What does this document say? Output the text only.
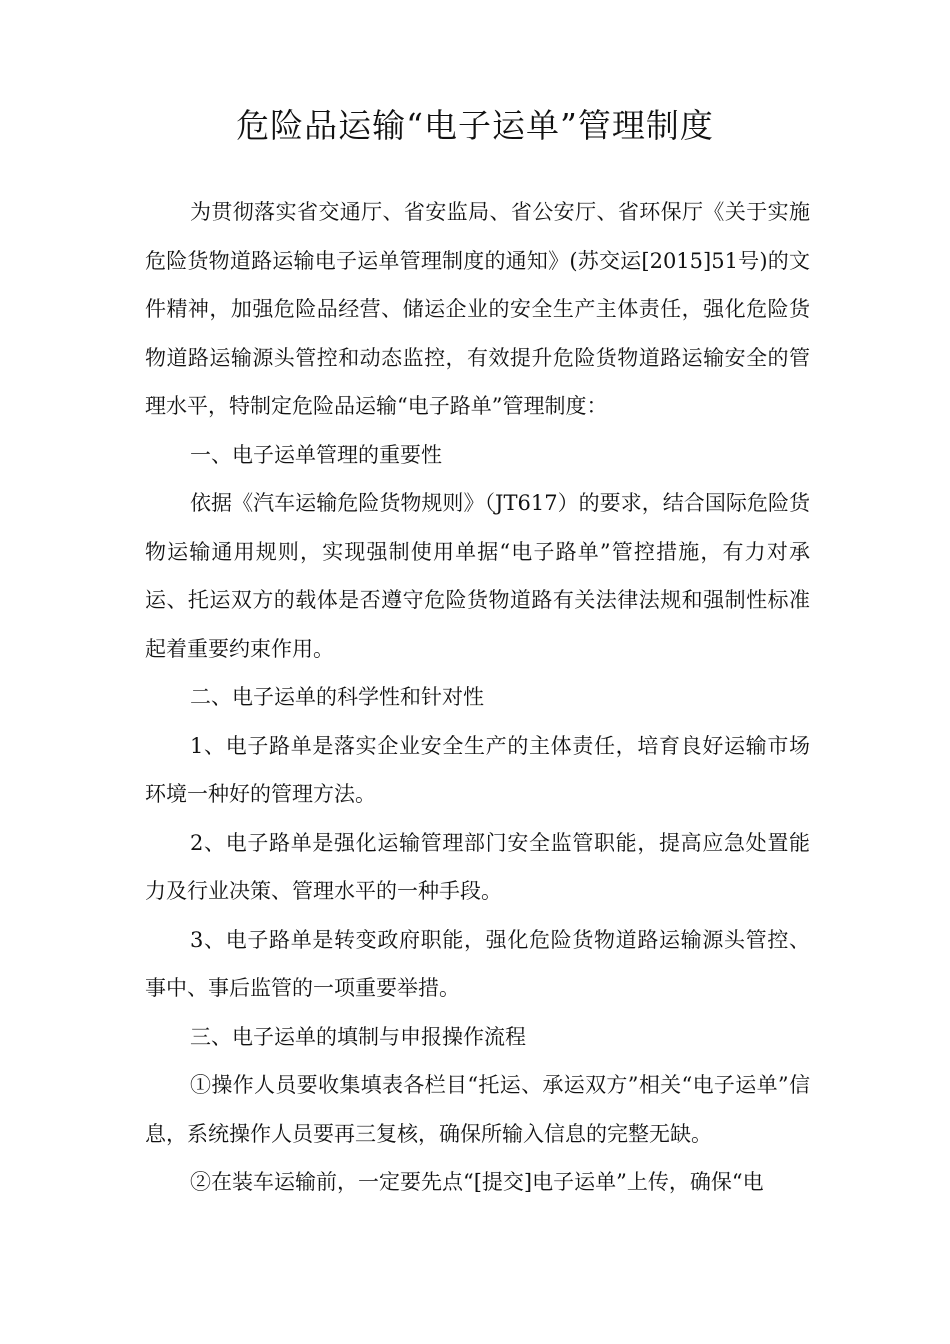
危险品运输“电子运单”管理制度

为贯彻落实省交通厅、省安监局、省公安厅、省环保厅《关于实施危险货物道路运输电子运单管理制度的通知》(苏交运[2015]51号)的文件精神，加强危险品经营、储运企业的安全生产主体责任，强化危险货物道路运输源头管控和动态监控，有效提升危险货物道路运输安全的管理水平，特制定危险品运输“电子路单”管理制度：

一、电子运单管理的重要性

依据《汽车运输危险货物规则》（JT617）的要求，结合国际危险货物运输通用规则，实现强制使用单据“电子路单”管控措施，有力对承运、托运双方的载体是否遵守危险货物道路有关法律法规和强制性标准起着重要约束作用。

二、电子运单的科学性和针对性

1、电子路单是落实企业安全生产的主体责任，培育良好运输市场环境一种好的管理方法。

2、电子路单是强化运输管理部门安全监管职能，提高应急处置能力及行业决策、管理水平的一种手段。

3、电子路单是转变政府职能，强化危险货物道路运输源头管控、事中、事后监管的一项重要举措。

三、电子运单的填制与申报操作流程

①操作人员要收集填表各栏目“托运、承运双方”相关“电子运单”信息，系统操作人员要再三复核，确保所输入信息的完整无缺。

②在装车运输前，一定要先点“[提交]电子运单”上传，确保“电
